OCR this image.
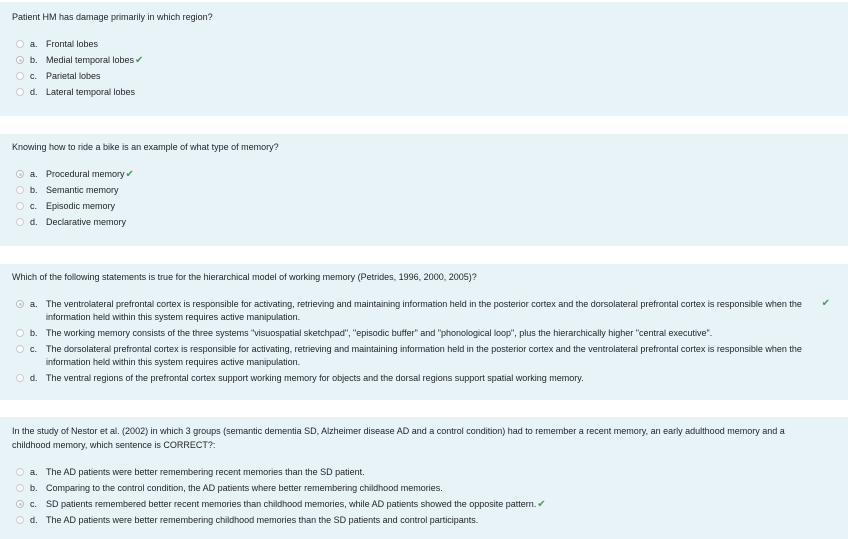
Patient HM has damage primarily in which region?
a. Frontal lobes
b. Medial temporal lobes✔
c. Parietal lobes
d. Lateral temporal lobes
Knowing how to ride a bike is an example of what type of memory?
a. Procedural memory✔
b. Semantic memory
c. Episodic memory
d. Declarative memory
Which of the following statements is true for the hierarchical model of working memory (Petrides, 1996, 2000, 2005)?
a. The ventrolateral prefrontal cortex is responsible for activating, retrieving and maintaining information held in the posterior cortex and the dorsolateral prefrontal cortex is responsible when the information held within this system requires active manipulation.
✔
b. The working memory consists of the three systems "visuospatial sketchpad", "episodic buffer" and "phonological loop", plus the hierarchically higher "central executive".
c. The dorsolateral prefrontal cortex is responsible for activating, retrieving and maintaining information held in the posterior cortex and the ventrolateral prefrontal cortex is responsible when the information held within this system requires active manipulation.
d. The ventral regions of the prefrontal cortex support working memory for objects and the dorsal regions support spatial working memory.
In the study of Nestor et al. (2002) in which 3 groups (semantic dementia SD, Alzheimer disease AD and a control condition) had to remember a recent memory, an early adulthood memory and a childhood memory, which sentence is CORRECT?:
a. The AD patients were better remembering recent memories than the SD patient.
b. Comparing to the control condition, the AD patients where better remembering childhood memories.
c. SD patients remembered better recent memories than childhood memories, while AD patients showed the opposite pattern.✔
d. The AD patients were better remembering childhood memories than the SD patients and control participants.
